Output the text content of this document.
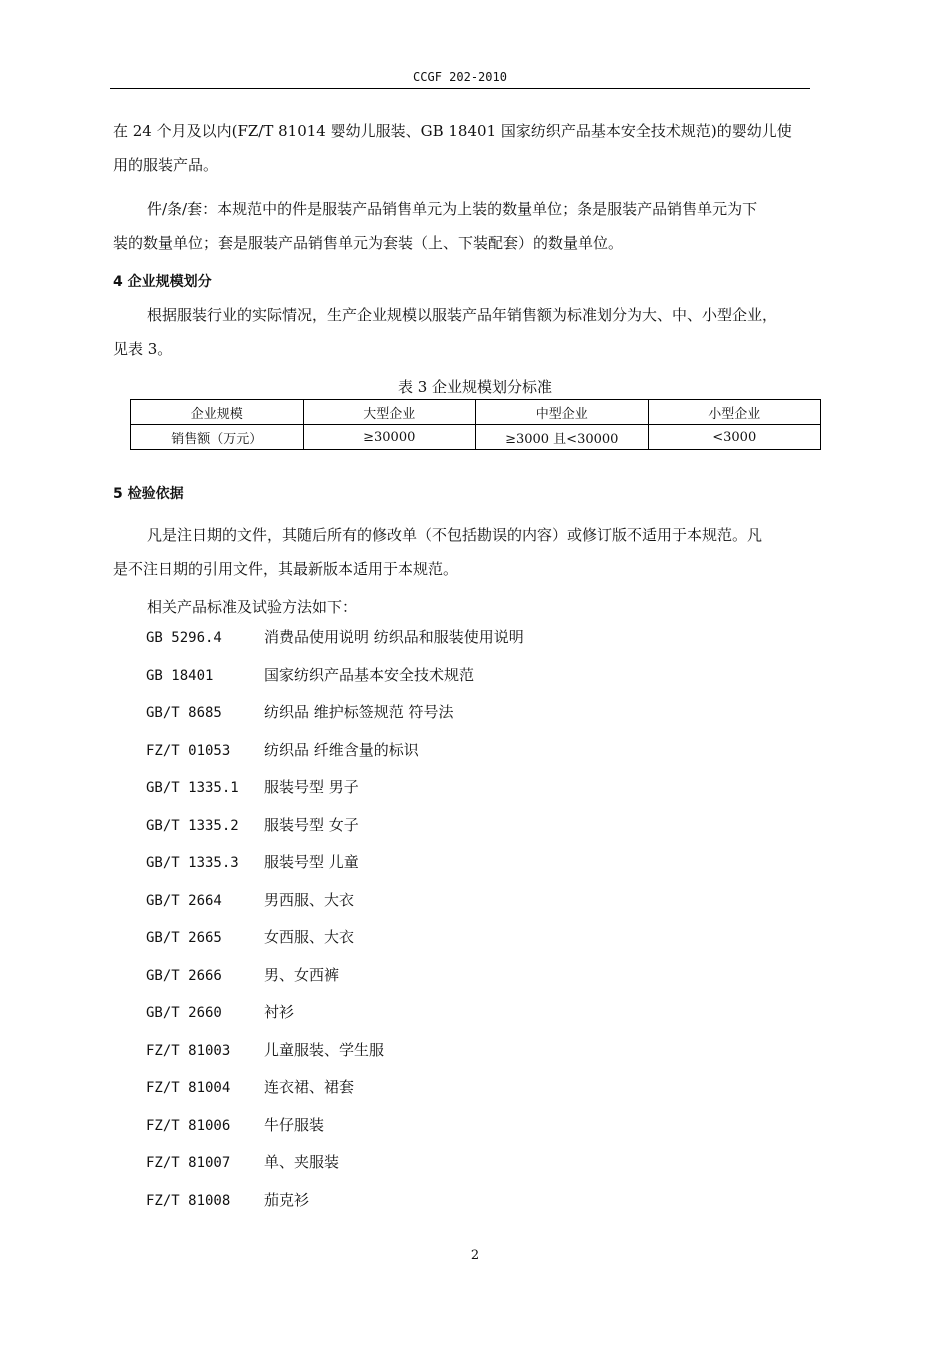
CCGF 202-2010

在 24 个月及以内(FZ/T 81014 婴幼儿服装、GB 18401 国家纺织产品基本安全技术规范)的婴幼儿使
用的服装产品。

件/条/套：本规范中的件是服装产品销售单元为上装的数量单位；条是服装产品销售单元为下
装的数量单位；套是服装产品销售单元为套装（上、下装配套）的数量单位。

4 企业规模划分

根据服装行业的实际情况，生产企业规模以服装产品年销售额为标准划分为大、中、小型企业，
见表 3。

表 3 企业规模划分标准
企业规模	大型企业	中型企业	小型企业
销售额（万元）	≥30000	≥3000 且<30000	<3000
5 检验依据

凡是注日期的文件，其随后所有的修改单（不包括勘误的内容）或修订版不适用于本规范。凡
是不注日期的引用文件，其最新版本适用于本规范。

相关产品标准及试验方法如下：

GB 5296.4	消费品使用说明 纺织品和服装使用说明
GB 18401	国家纺织产品基本安全技术规范
GB/T 8685	纺织品 维护标签规范 符号法
FZ/T 01053 纺织品 纤维含量的标识
GB/T 1335.1 服装号型 男子
GB/T 1335.2 服装号型 女子
GB/T 1335.3 服装号型 儿童
GB/T 2664	男西服、大衣
GB/T 2665	女西服、大衣
GB/T 2666	男、女西裤
GB/T 2660	衬衫
FZ/T 81003 儿童服装、学生服
FZ/T 81004 连衣裙、裙套
FZ/T 81006 牛仔服装
FZ/T 81007 单、夹服装
FZ/T 81008 茄克衫
2
